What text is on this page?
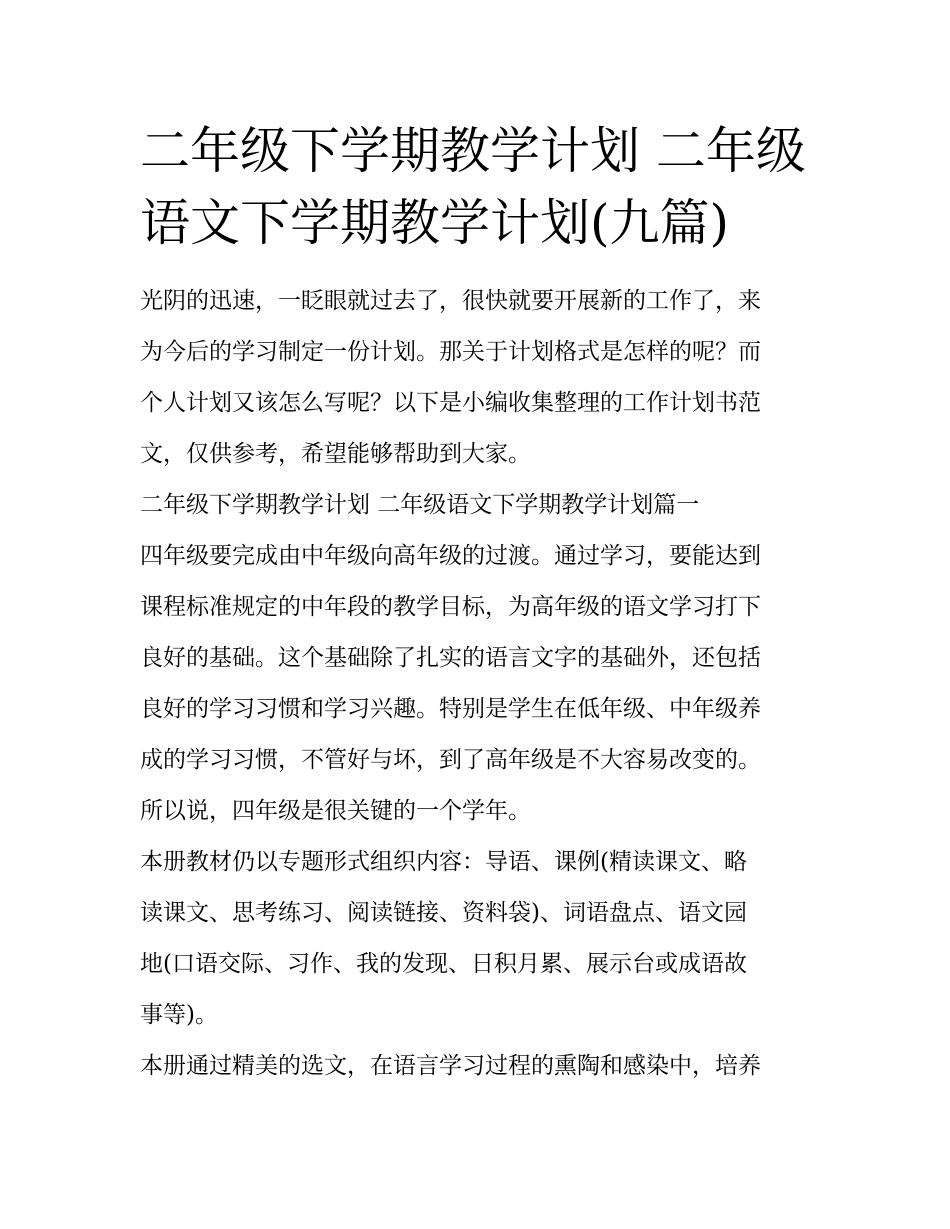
二年级下学期教学计划 二年级
语文下学期教学计划(九篇)
光阴的迅速，一眨眼就过去了，很快就要开展新的工作了，来
为今后的学习制定一份计划。那关于计划格式是怎样的呢？而
个人计划又该怎么写呢？以下是小编收集整理的工作计划书范
文，仅供参考，希望能够帮助到大家。
二年级下学期教学计划 二年级语文下学期教学计划篇一
四年级要完成由中年级向高年级的过渡。通过学习，要能达到
课程标准规定的中年段的教学目标，为高年级的语文学习打下
良好的基础。这个基础除了扎实的语言文字的基础外，还包括
良好的学习习惯和学习兴趣。特别是学生在低年级、中年级养
成的学习习惯，不管好与坏，到了高年级是不大容易改变的。
所以说，四年级是很关键的一个学年。
本册教材仍以专题形式组织内容：导语、课例(精读课文、略
读课文、思考练习、阅读链接、资料袋)、词语盘点、语文园
地(口语交际、习作、我的发现、日积月累、展示台或成语故
事等)。
本册通过精美的选文，在语言学习过程的熏陶和感染中，培养
